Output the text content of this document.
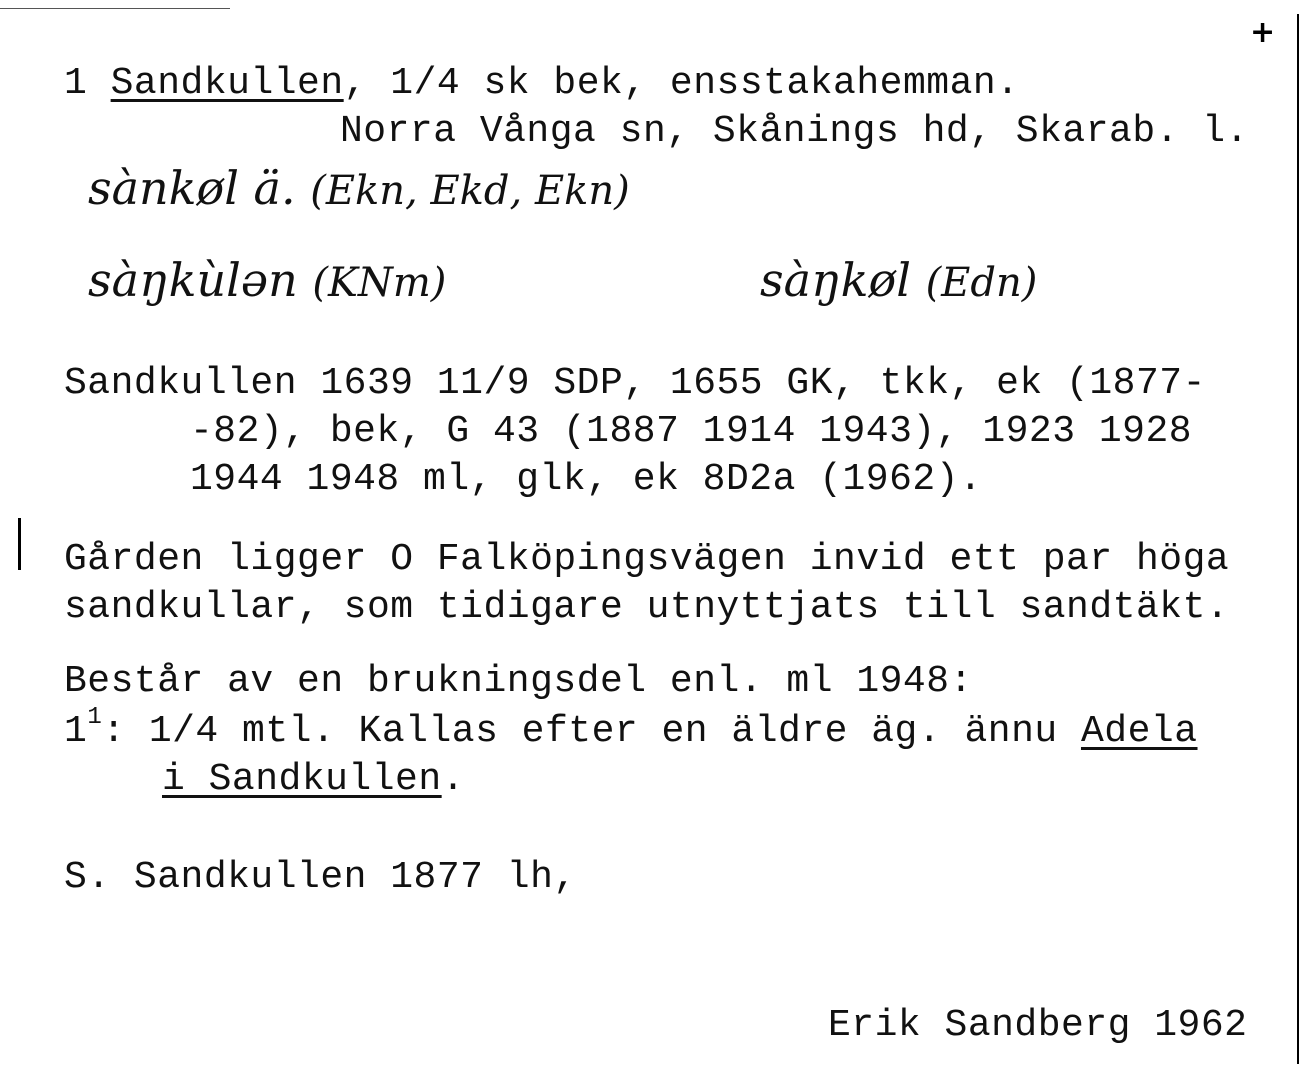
+

1 Sandkullen, 1/4 sk bek, ensstakahemman.

Norra Vånga sn, Skånings hd, Skarab. l.

sànkøl ä. (Ekn, Ekd, Ekn)

sàŋkùlən (KNm)	sàŋkøl (Edn)

Sandkullen 1639 11/9 SDP, 1655 GK, tkk, ek (1877-

-82), bek, G 43 (1887 1914 1943), 1923 1928

1944 1948 ml, glk, ek 8D2a (1962).

Gården ligger O Falköpingsvägen invid ett par höga

sandkullar, som tidigare utnyttjats till sandtäkt.

Består av en brukningsdel enl. ml 1948:

$1^1$: 1/4 mtl. Kallas efter en äldre äg. ännu Adela

i Sandkullen.

S. Sandkullen 1877 lh,

Erik Sandberg 1962
